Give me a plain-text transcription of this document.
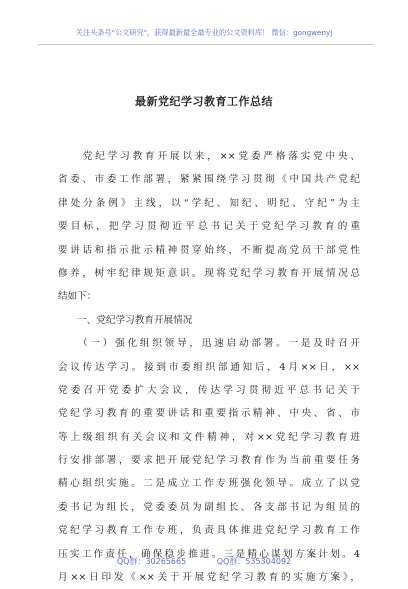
关注头条号"公文研究"，获得最新最全最专业的公文资料库！ 微信：gongwenyj
最新党纪学习教育工作总结
　　党纪学习教育开展以来，××党委严格落实党中央、
省委、市委工作部署，紧紧围绕学习贯彻《中国共产党纪
律处分条例》主线，以“学纪、知纪、明纪、守纪”为主
要目标，把学习贯彻近平总书记关于党纪学习教育的重
要讲话和指示批示精神贯穿始终，不断提高党员干部党性
修养，树牢纪律规矩意识。现将党纪学习教育开展情况总
结如下：
　　一、党纪学习教育开展情况
　　（一）强化组织领导，迅速启动部署。一是及时召开
会议传达学习。接到市委组织部通知后，4月××日，××
党委召开党委扩大会议，传达学习贯彻近平总书记关于
党纪学习教育的重要讲话和重要指示精神、中央、省、市
等上级组织有关会议和文件精神，对××党纪学习教育进
行安排部署，要求把开展党纪学习教育作为当前重要任务
精心组织实施。二是成立工作专班强化领导。成立了以党
委书记为组长，党委委员为副组长、各支部书记为组员的
党纪学习教育工作专班，负责具体推进党纪学习教育工作
压实工作责任，确保稳步推进。三是精心谋划方案计划。4
月××日印发《××关于开展党纪学习教育的实施方案》，
QQ群：30265665	QQ群：535304092
